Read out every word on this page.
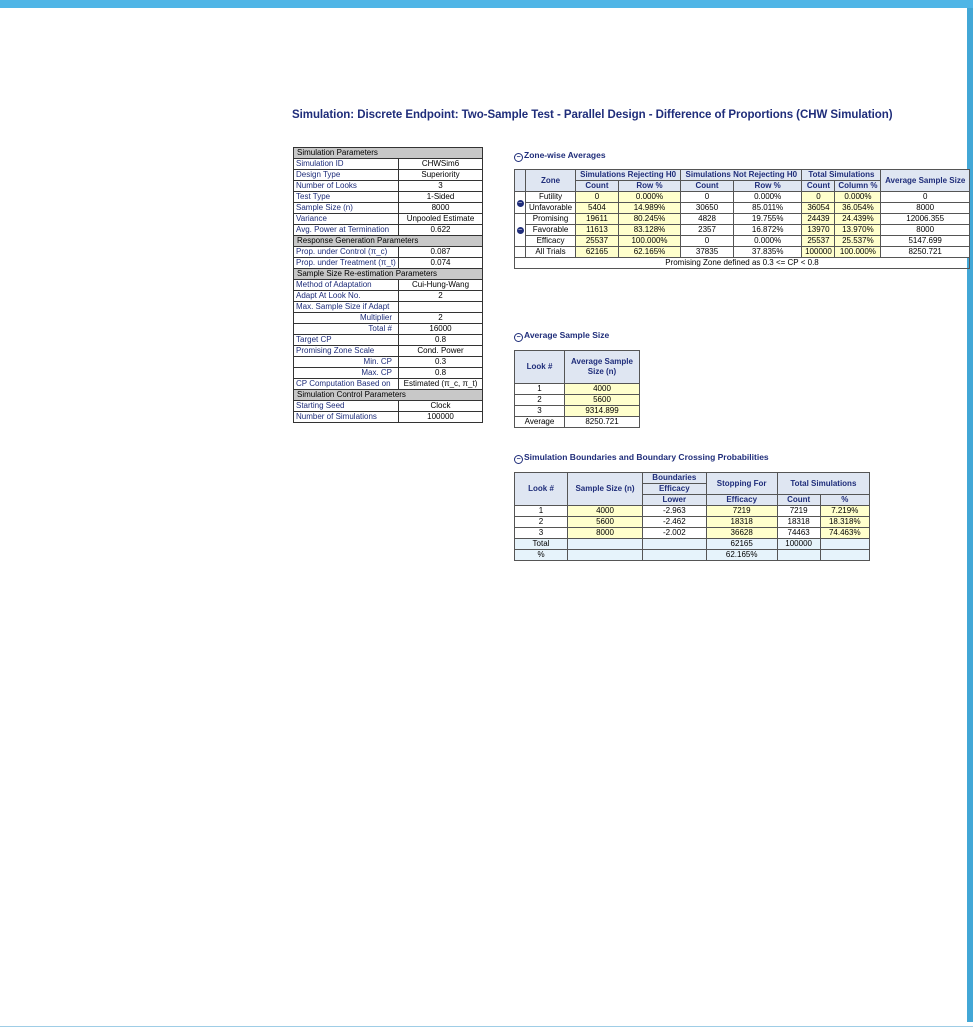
Simulation: Discrete Endpoint: Two-Sample Test - Parallel Design - Difference of Proportions (CHW Simulation)
Simulation Parameters	
Simulation ID	CHWSim6
Design Type	Superiority
Number of Looks	3
Test Type	1-Sided
Sample Size (n)	8000
Variance	Unpooled Estimate
Avg. Power at Termination	0.622
Response Generation Parameters	
Prop. under Control (π_c)	0.087
Prop. under Treatment (π_t)	0.074
Sample Size Re-estimation Parameters	
Method of Adaptation	Cui-Hung-Wang
Adapt At Look No.	2
Max. Sample Size if Adapt	
Multiplier	2
Total #	16000
Target CP	0.8
Promising Zone Scale	Cond. Power
Min. CP	0.3
Max. CP	0.8
CP Computation Based on	Estimated (π_c, π_t)
Simulation Control Parameters	
Starting Seed	Clock
Number of Simulations	100000
− Zone-wise Averages
	Zone	Simulations Rejecting H0		Simulations Not Rejecting H0		Total Simulations		Average Sample Size
		Count	Row %	Count	Row %	Count	Column %	
−	Futility	0	0.000%	0	0.000%	0	0.000%	0
	Unfavorable	5404	14.989%	30650	85.011%	36054	36.054%	8000
−	Promising	19611	80.245%	4828	19.755%	24439	24.439%	12006.355
	Favorable	11613	83.128%	2357	16.872%	13970	13.970%	8000
	Efficacy	25537	100.000%	0	0.000%	25537	25.537%	5147.699
	All Trials	62165	62.165%	37835	37.835%	100000	100.000%	8250.721
Promising Zone defined as 0.3 <= CP < 0.8								
− Average Sample Size
Look #	Average Sample Size (n)
1	4000
2	5600
3	9314.899
Average	8250.721
− Simulation Boundaries and Boundary Crossing Probabilities
Look #	Sample Size (n)	Boundaries	Stopping For	Total Simulations	
		Efficacy			
		Lower	Efficacy	Count	%
1	4000	-2.963	7219	7219	7.219%
2	5600	-2.462	18318	18318	18.318%
3	8000	-2.002	36628	74463	74.463%
Total			62165	100000	
%			62.165%		
